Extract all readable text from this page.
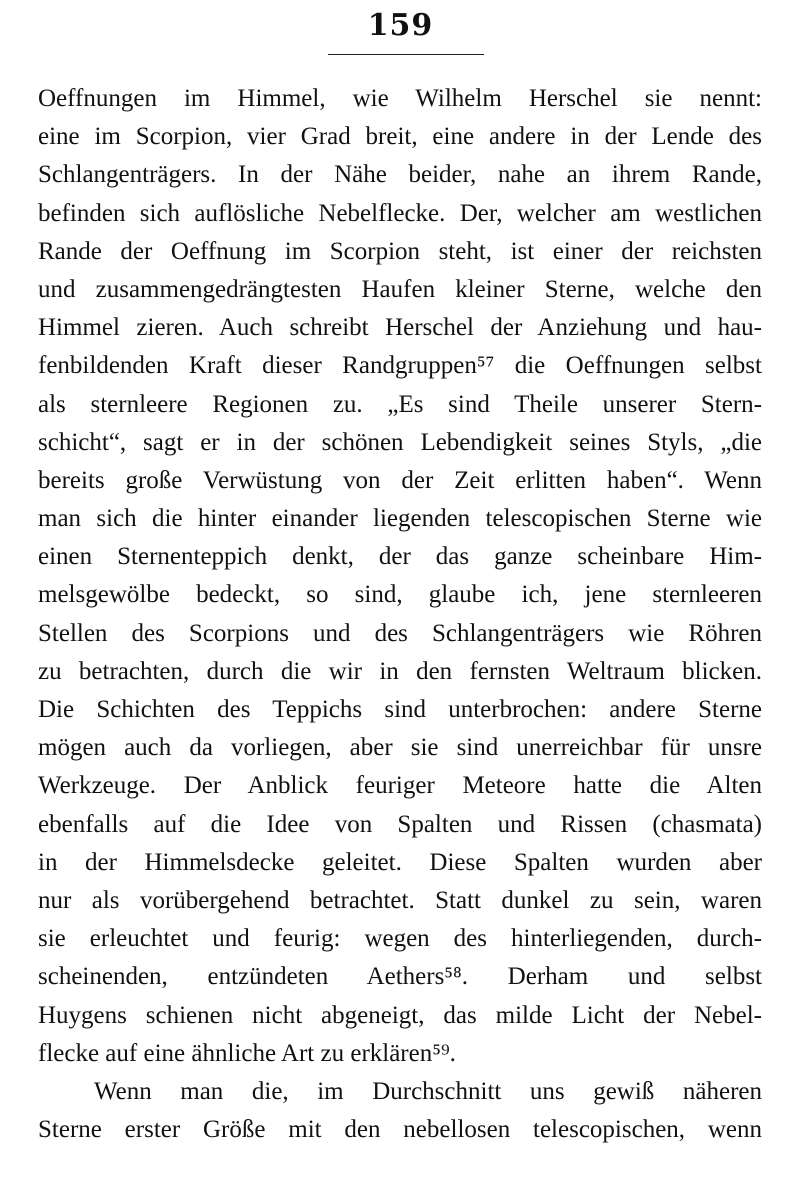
159
Oeffnungen im Himmel, wie Wilhelm Herschel sie nennt:
eine im Scorpion, vier Grad breit, eine andere in der Lende des
Schlangenträgers. In der Nähe beider, nahe an ihrem Rande,
befinden sich auflösliche Nebelflecke. Der, welcher am westlichen
Rande der Oeffnung im Scorpion steht, ist einer der reichsten
und zusammengedrängtesten Haufen kleiner Sterne, welche den
Himmel zieren. Auch schreibt Herschel der Anziehung und hau-
fenbildenden Kraft dieser Randgruppen⁵⁷ die Oeffnungen selbst
als sternleere Regionen zu. „Es sind Theile unserer Stern-
schicht“, sagt er in der schönen Lebendigkeit seines Styls, „die
bereits große Verwüstung von der Zeit erlitten haben“. Wenn
man sich die hinter einander liegenden telescopischen Sterne wie
einen Sternenteppich denkt, der das ganze scheinbare Him-
melsgewölbe bedeckt, so sind, glaube ich, jene sternleeren
Stellen des Scorpions und des Schlangenträgers wie Röhren
zu betrachten, durch die wir in den fernsten Weltraum blicken.
Die Schichten des Teppichs sind unterbrochen: andere Sterne
mögen auch da vorliegen, aber sie sind unerreichbar für unsre
Werkzeuge. Der Anblick feuriger Meteore hatte die Alten
ebenfalls auf die Idee von Spalten und Rissen (chasmata)
in der Himmelsdecke geleitet. Diese Spalten wurden aber
nur als vorübergehend betrachtet. Statt dunkel zu sein, waren
sie erleuchtet und feurig: wegen des hinterliegenden, durch-
scheinenden, entzündeten Aethers⁵⁸. Derham und selbst
Huygens schienen nicht abgeneigt, das milde Licht der Nebel-
flecke auf eine ähnliche Art zu erklären⁵⁹.
Wenn man die, im Durchschnitt uns gewiß näheren
Sterne erster Größe mit den nebellosen telescopischen, wenn
